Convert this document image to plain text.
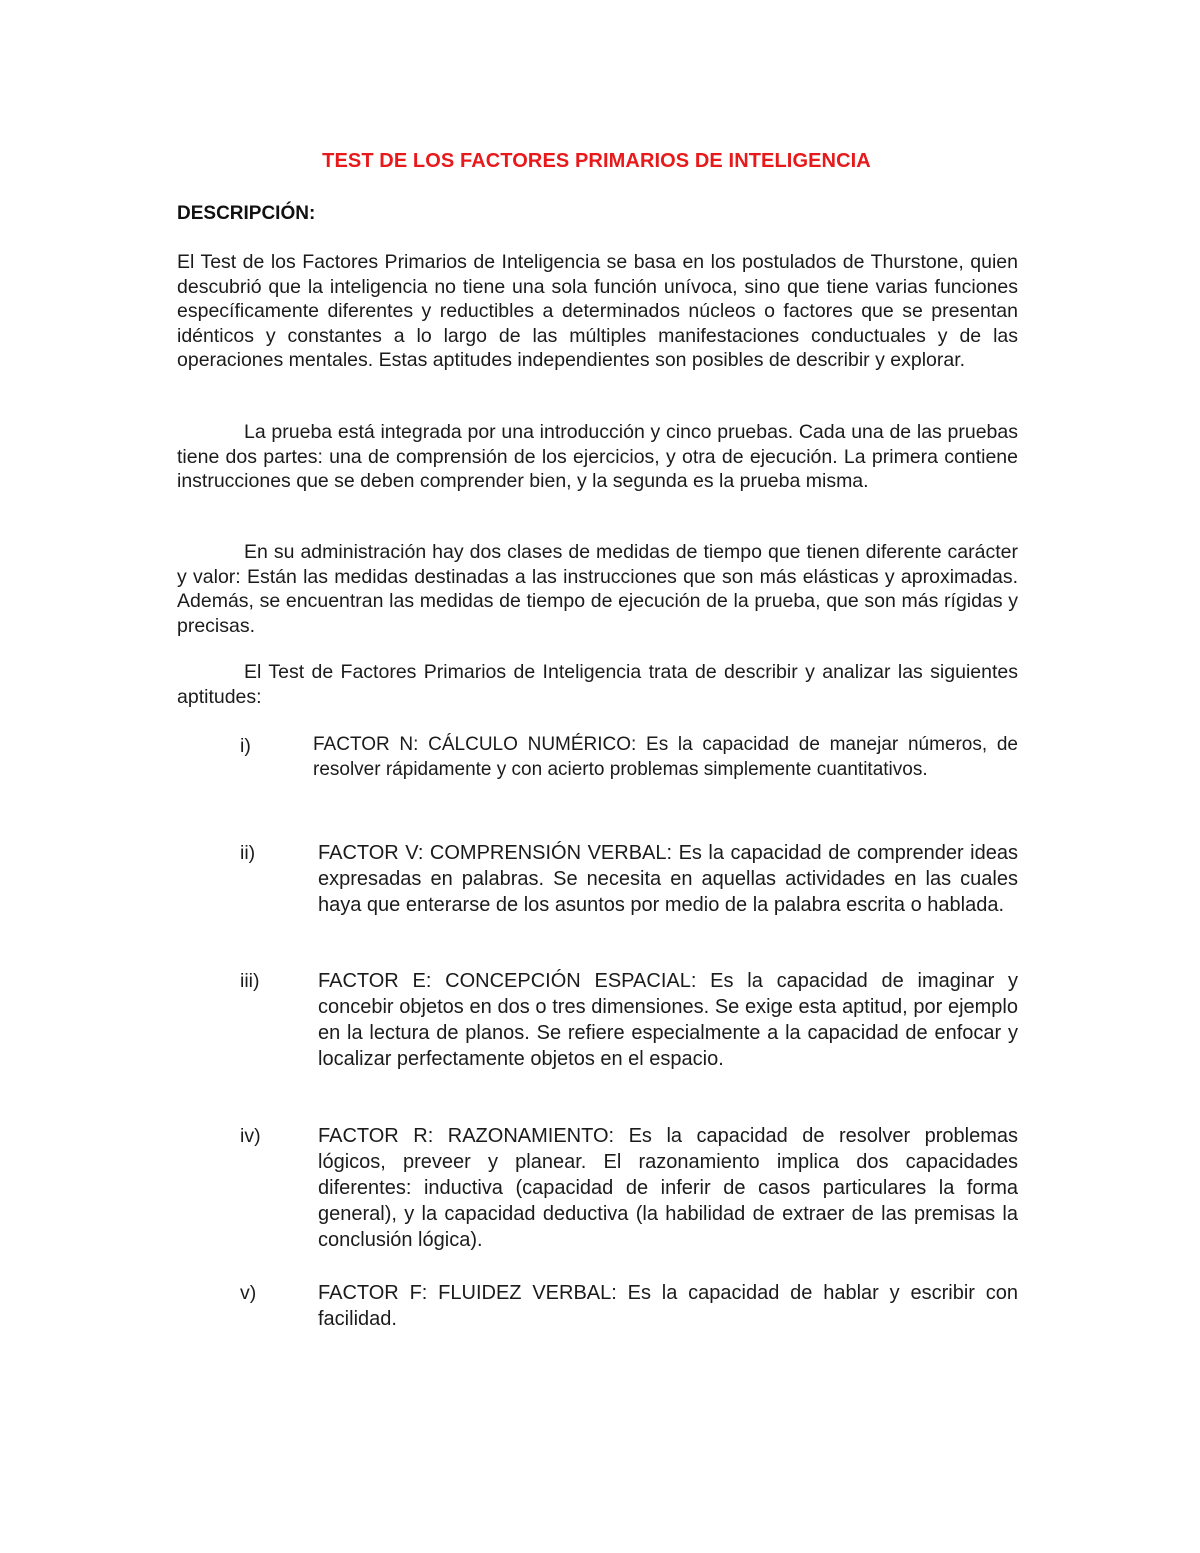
TEST DE LOS FACTORES PRIMARIOS DE INTELIGENCIA
DESCRIPCIÓN:

El Test de los Factores Primarios de Inteligencia se basa en los postulados de Thurstone, quien descubrió que la inteligencia no tiene una sola función unívoca, sino que tiene varias funciones específicamente diferentes y reductibles a determinados núcleos o factores que se presentan idénticos y constantes a lo largo de las múltiples manifestaciones conductuales y de las operaciones mentales. Estas aptitudes independientes son posibles de describir y explorar.

La prueba está integrada por una introducción y cinco pruebas. Cada una de las pruebas tiene dos partes: una de comprensión de los ejercicios, y otra de ejecución. La primera contiene instrucciones que se deben comprender bien, y la segunda es la prueba misma.

En su administración hay dos clases de medidas de tiempo que tienen diferente carácter y valor: Están las medidas destinadas a las instrucciones que son más elásticas y aproximadas. Además, se encuentran las medidas de tiempo de ejecución de la prueba, que son más rígidas y precisas.

El Test de Factores Primarios de Inteligencia trata de describir y analizar las siguientes aptitudes:

i)	FACTOR N: CÁLCULO NUMÉRICO: Es la capacidad de manejar números, de resolver rápidamente y con acierto problemas simplemente cuantitativos.

ii)	FACTOR V: COMPRENSIÓN VERBAL: Es la capacidad de comprender ideas expresadas en palabras. Se necesita en aquellas actividades en las cuales haya que enterarse de los asuntos por medio de la palabra escrita o hablada.

iii)	FACTOR E: CONCEPCIÓN ESPACIAL: Es la capacidad de imaginar y concebir objetos en dos o tres dimensiones. Se exige esta aptitud, por ejemplo en la lectura de planos. Se refiere especialmente a la capacidad de enfocar y localizar perfectamente objetos en el espacio.

iv)	FACTOR R: RAZONAMIENTO: Es la capacidad de resolver problemas lógicos, preveer y planear. El razonamiento implica dos capacidades diferentes: inductiva (capacidad de inferir de casos particulares la forma general), y la capacidad deductiva (la habilidad de extraer de las premisas la conclusión lógica).

v)	FACTOR F: FLUIDEZ VERBAL: Es la capacidad de hablar y escribir con facilidad.
